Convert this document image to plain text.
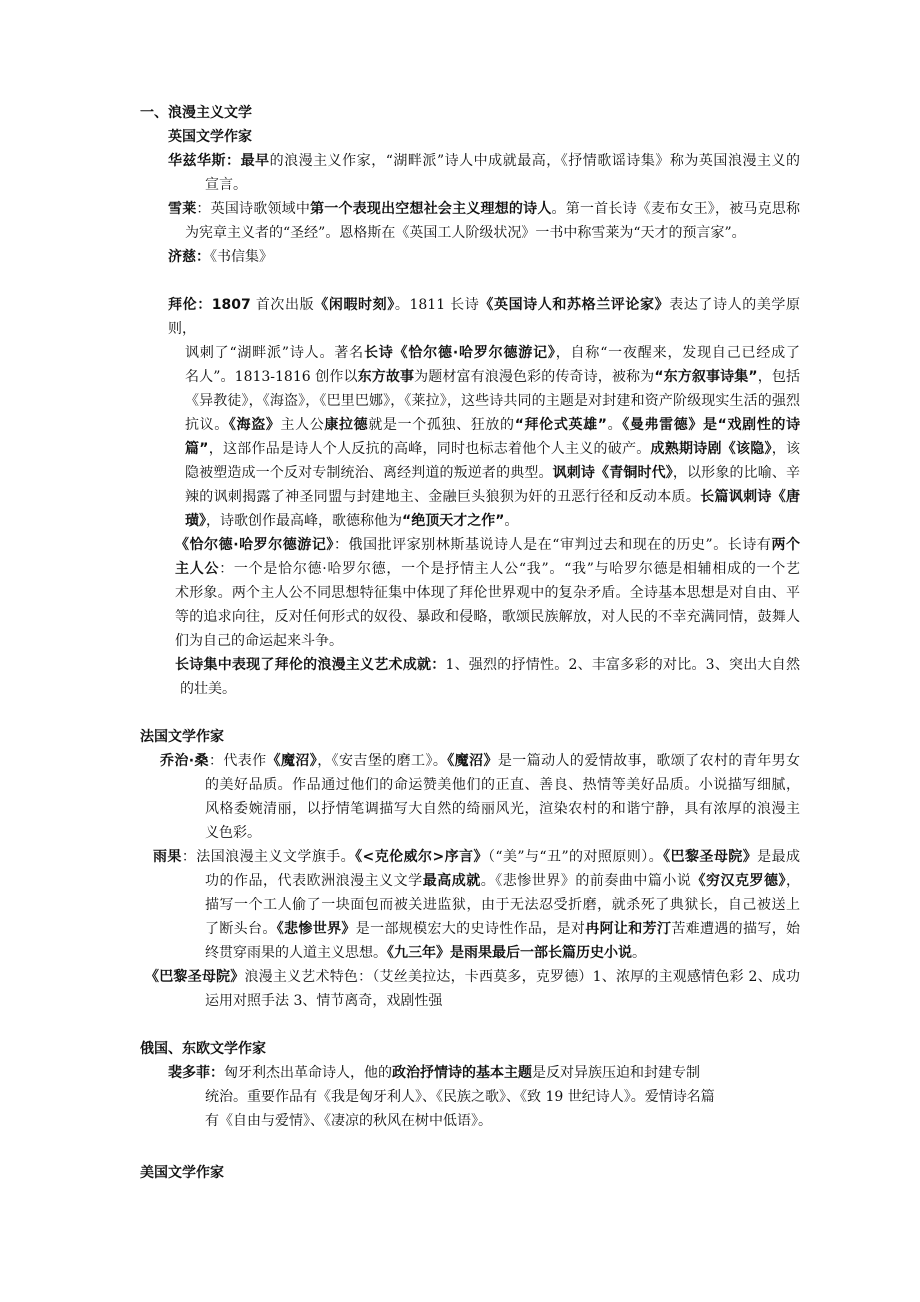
一、浪漫主义文学
英国文学作家
华兹华斯：最早的浪漫主义作家，“湖畔派”诗人中成就最高，《抒情歌谣诗集》称为英国浪漫主义的
宣言。
雪莱：英国诗歌领域中第一个表现出空想社会主义理想的诗人。第一首长诗《麦布女王》，被马克思称
为宪章主义者的“圣经”。恩格斯在《英国工人阶级状况》一书中称雪莱为“天才的预言家”。
济慈：《书信集》
拜伦：1807 首次出版《闲暇时刻》。1811 长诗《英国诗人和苏格兰评论家》表达了诗人的美学原则，
讽刺了“湖畔派”诗人。著名长诗《恰尔德·哈罗尔德游记》，自称“一夜醒来，发现自己已经成了
名人”。1813-1816 创作以东方故事为题材富有浪漫色彩的传奇诗，被称为“东方叙事诗集”，包括
《异教徒》，《海盗》，《巴里巴娜》，《莱拉》，这些诗共同的主题是对封建和资产阶级现实生活的强烈
抗议。《海盗》主人公康拉德就是一个孤独、狂放的“拜伦式英雄”。《曼弗雷德》是“戏剧性的诗
篇”，这部作品是诗人个人反抗的高峰，同时也标志着他个人主义的破产。成熟期诗剧《该隐》，该
隐被塑造成一个反对专制统治、离经判道的叛逆者的典型。讽刺诗《青铜时代》，以形象的比喻、辛
辣的讽刺揭露了神圣同盟与封建地主、金融巨头狼狈为奸的丑恶行径和反动本质。长篇讽刺诗《唐
璜》，诗歌创作最高峰，歌德称他为“绝顶天才之作”。
《恰尔德·哈罗尔德游记》：俄国批评家别林斯基说诗人是在“审判过去和现在的历史”。长诗有两个
主人公：一个是恰尔德·哈罗尔德，一个是抒情主人公“我”。“我”与哈罗尔德是相辅相成的一个艺
术形象。两个主人公不同思想特征集中体现了拜伦世界观中的复杂矛盾。全诗基本思想是对自由、平
等的追求向往，反对任何形式的奴役、暴政和侵略，歌颂民族解放，对人民的不幸充满同情，鼓舞人
们为自己的命运起来斗争。
长诗集中表现了拜伦的浪漫主义艺术成就：1、强烈的抒情性。2、丰富多彩的对比。3、突出大自然
的壮美。
法国文学作家
乔治·桑：代表作《魔沼》，《安吉堡的磨工》。《魔沼》是一篇动人的爱情故事，歌颂了农村的青年男女
的美好品质。作品通过他们的命运赞美他们的正直、善良、热情等美好品质。小说描写细腻，
风格委婉清丽，以抒情笔调描写大自然的绮丽风光，渲染农村的和谐宁静，具有浓厚的浪漫主
义色彩。
雨果：法国浪漫主义文学旗手。《<克伦威尔>序言》（“美”与“丑”的对照原则）。《巴黎圣母院》是最成
功的作品，代表欧洲浪漫主义文学最高成就。《悲惨世界》的前奏曲中篇小说《穷汉克罗德》，
描写一个工人偷了一块面包而被关进监狱，由于无法忍受折磨，就杀死了典狱长，自己被送上
了断头台。《悲惨世界》是一部规模宏大的史诗性作品，是对冉阿让和芳汀苦难遭遇的描写，始
终贯穿雨果的人道主义思想。《九三年》是雨果最后一部长篇历史小说。
《巴黎圣母院》浪漫主义艺术特色：（艾丝美拉达，卡西莫多，克罗德）1、浓厚的主观感情色彩 2、成功
运用对照手法 3、情节离奇，戏剧性强
俄国、东欧文学作家
裴多菲：匈牙利杰出革命诗人，他的政治抒情诗的基本主题是反对异族压迫和封建专制
统治。重要作品有《我是匈牙利人》、《民族之歌》、《致 19 世纪诗人》。爱情诗名篇
有《自由与爱情》、《凄凉的秋风在树中低语》。
美国文学作家
